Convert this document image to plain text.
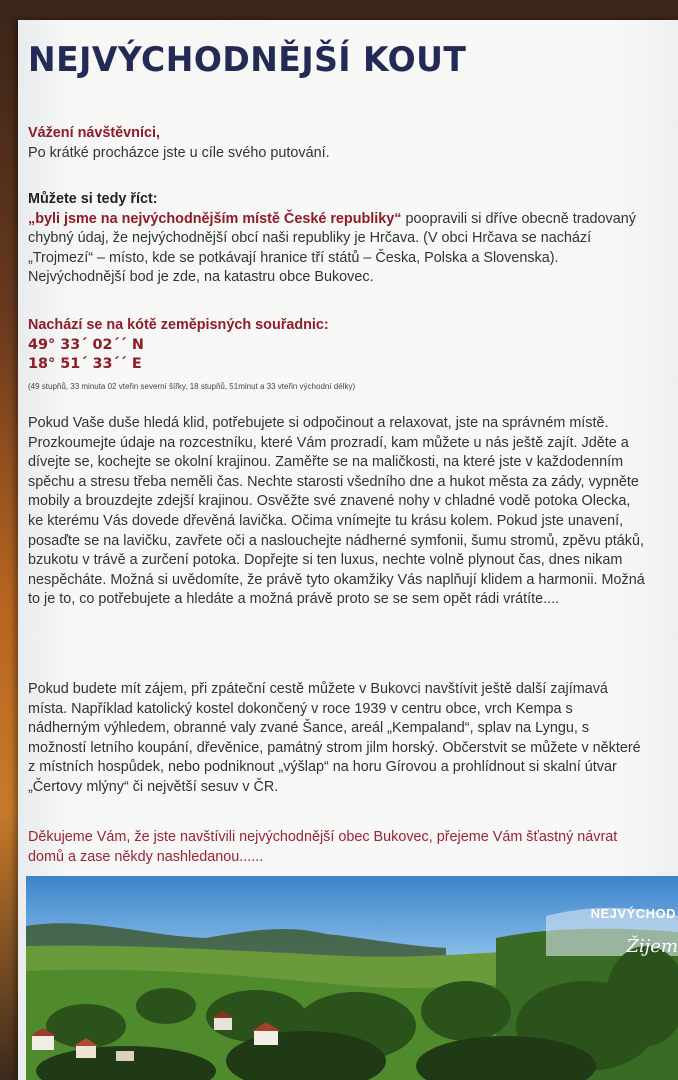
NEJVÝCHODNĚJŠÍ KOUT
Vážení návštěvníci,
Po krátké procházce jste u cíle svého putování.
Můžete si tedy říct:
„byli jsme na nejvýchodnějším místě České republiky“ poopravili si dříve obecně tradovaný chybný údaj, že nejvýchodnější obcí naši republiky je Hrčava. (V obci Hrčava se nachází „Trojmezí“ – místo, kde se potkávají hranice tří států – Česka, Polska a Slovenska). Nejvýchodnější bod je zde, na katastru obce Bukovec.
Nachází se na kótě zeměpisných souřadnic:
49° 33´ 02´´ N
18° 51´ 33´´ E
(49 stupňů, 33 minuta 02 vteřin severní šířky, 18 stupňů, 51minut a 33 vteřin východní délky)
Pokud Vaše duše hledá klid, potřebujete si odpočinout a relaxovat, jste na správném místě. Prozkoumejte údaje na rozcestníku, které Vám prozradí, kam můžete u nás ještě zajít. Jděte a dívejte se, kochejte se okolní krajinou. Zaměřte se na maličkosti, na které jste v každodenním spěchu a stresu třeba neměli čas. Nechte starosti všedního dne a hukot města za zády, vypněte mobily a brouzdejte zdejší krajinou. Osvěžte své znavené nohy v chladné vodě potoka Olecka, ke kterému Vás dovede dřevěná lavička. Očima vnímejte tu krásu kolem. Pokud jste unavení, posaďte se na lavičku, zavřete oči a naslouchejte nádherné symfonii, šumu stromů, zpěvu ptáků, bzukotu v trávě a zurčení potoka. Dopřejte si ten luxus, nechte volně plynout čas, dnes nikam nespěcháte. Možná si uvědomíte, že právě tyto okamžiky Vás naplňují klidem a harmonii. Možná to je to, co potřebujete a hledáte a možná právě proto se se sem opět rádi vrátíte....
Pokud budete mít zájem, při zpáteční cestě můžete v Bukovci navštívit ještě další zajímavá místa. Například katolický kostel dokončený v roce 1939 v centru obce, vrch Kempa s nádherným výhledem, obranné valy zvané Šance, areál „Kempaland“, splav na Lyngu, s možností letního koupání, dřevěnice, památný strom jilm horský. Občerstvit se můžete v některé z místních hospůdek, nebo podniknout „výšlap“ na horu Gírovou a prohlídnout si skalní útvar „Čertovy mlýny“ či největší sesuv v ČR.
Děkujeme Vám, že jste navštívili nejvýchodnější obec Bukovec, přejeme Vám šťastný návrat domů a zase někdy nashledanou......
NEJVÝCHOD
Žijem
